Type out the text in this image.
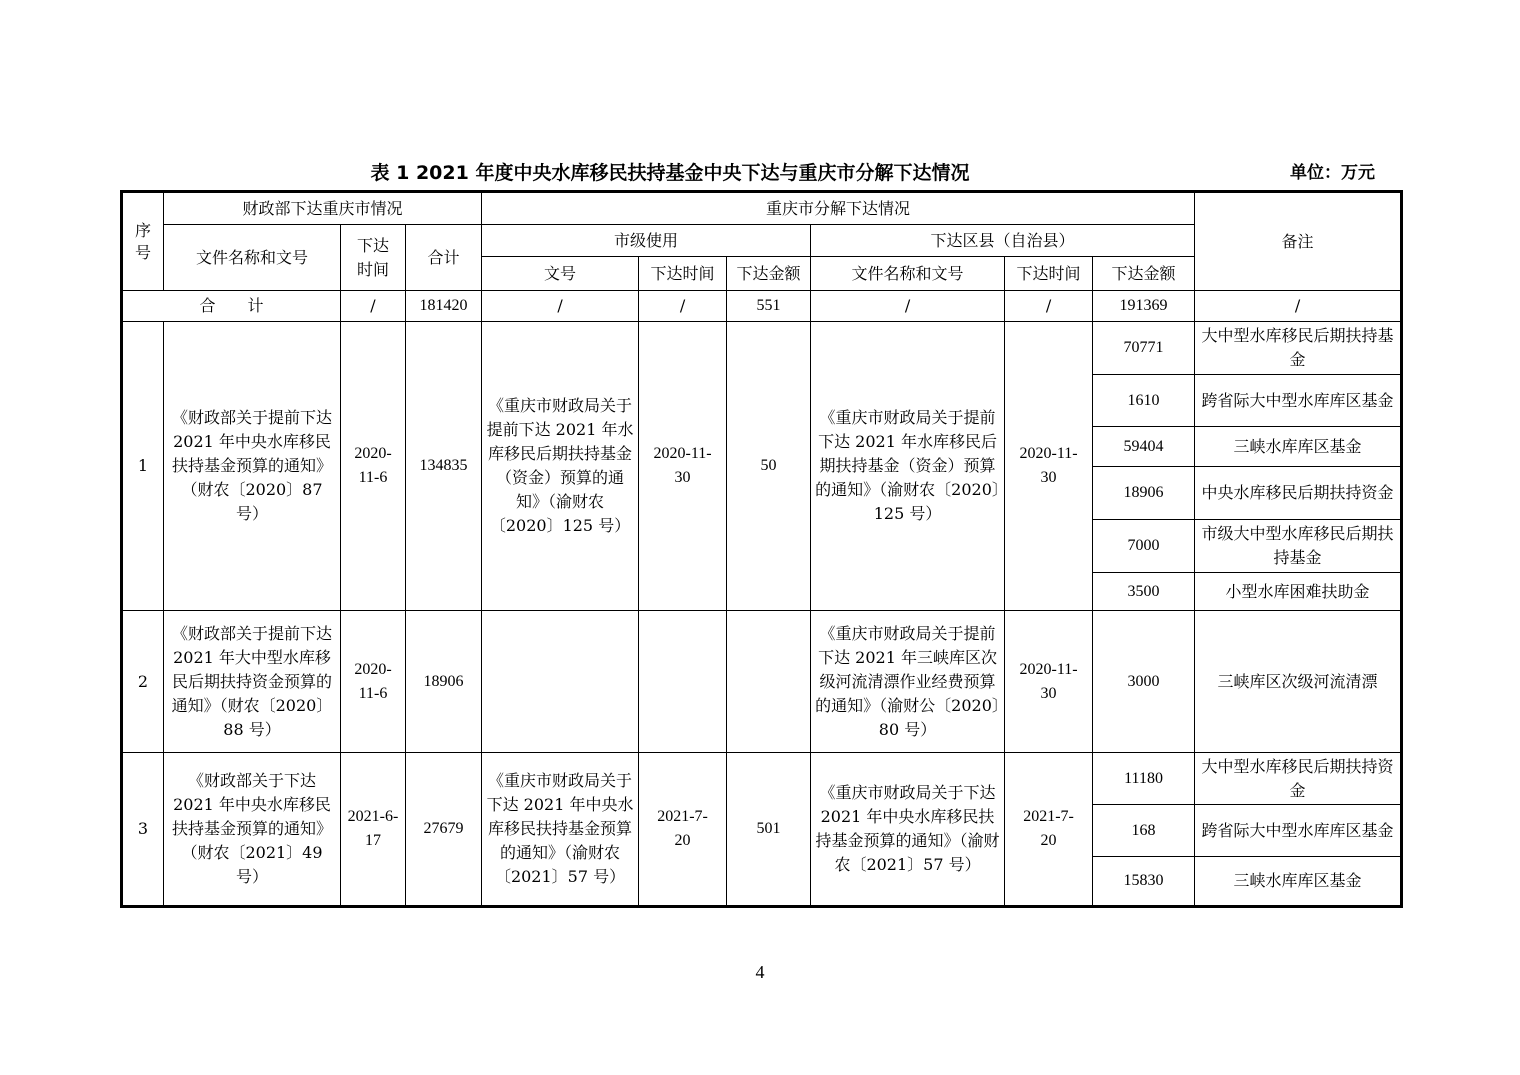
表 1 2021 年度中央水库移民扶持基金中央下达与重庆市分解下达情况	单位：万元
序号	财政部下达重庆市情况			重庆市分解下达情况						备注
	文件名称和文号	下达时间	合计	市级使用			下达区县（自治县）			
				文号	下达时间	下达金额	文件名称和文号	下达时间	下达金额	
合　　计		/	181420	/	/	551	/	/	191369	/
1	《财政部关于提前下达 2021 年中央水库移民扶持基金预算的通知》（财农〔2020〕87 号）	2020-11-6	134835	《重庆市财政局关于提前下达 2021 年水库移民后期扶持基金（资金）预算的通知》（渝财农〔2020〕125 号）	2020-11-30	50	《重庆市财政局关于提前下达 2021 年水库移民后期扶持基金（资金）预算的通知》（渝财农〔2020〕125 号）	2020-11-30	70771	大中型水库移民后期扶持基金
									1610	跨省际大中型水库库区基金
									59404	三峡水库库区基金
									18906	中央水库移民后期扶持资金
									7000	市级大中型水库移民后期扶持基金
									3500	小型水库困难扶助金
2	《财政部关于提前下达 2021 年大中型水库移民后期扶持资金预算的通知》（财农〔2020〕88 号）	2020-11-6	18906				《重庆市财政局关于提前下达 2021 年三峡库区次级河流清漂作业经费预算的通知》（渝财公〔2020〕80 号）	2020-11-30	3000	三峡库区次级河流清漂
3	《财政部关于下达 2021 年中央水库移民扶持基金预算的通知》（财农〔2021〕49 号）	2021-6-17	27679	《重庆市财政局关于下达 2021 年中央水库移民扶持基金预算的通知》（渝财农〔2021〕57 号）	2021-7-20	501	《重庆市财政局关于下达 2021 年中央水库移民扶持基金预算的通知》（渝财农〔2021〕57 号）	2021-7-20	11180	大中型水库移民后期扶持资金
									168	跨省际大中型水库库区基金
									15830	三峡水库库区基金
4
